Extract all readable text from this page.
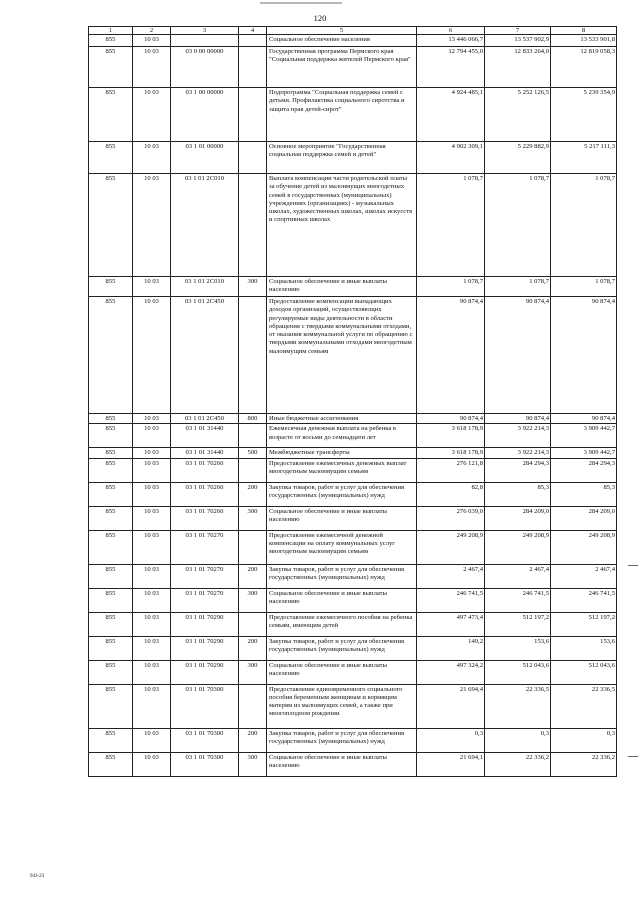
120
1	2	3	4	5	6	7	8
855	10 03			Социальное обеспечение населения	13 446 066,7	13 537 902,9	13 533 901,8
855	10 03	03 0 00 00000		Государственная программа Пермского края "Социальная поддержка жителей Пермского края"	12 794 455,0	12 833 264,0	12 819 058,3
855	10 03	03 1 00 00000		Подпрограмма "Социальная поддержка семей с детьми. Профилактика социального сиротства и защита прав детей-сирот"	4 924 485,1	5 252 126,5	5 239 354,9
855	10 03	03 1 01 00000		Основное мероприятие "Государственная социальная поддержка семей и детей"	4 902 309,1	5 229 882,9	5 217 111,3
855	10 03	03 1 01 2С010		Выплата компенсации части родительской платы за обучение детей из малоимущих многодетных семей в государственных (муниципальных) учреждениях (организациях) - музыкальных школах, художественных школах, школах искусств и спортивных школах	1 078,7	1 078,7	1 078,7
855	10 03	03 1 01 2С010	300	Социальное обеспечение и иные выплаты населению	1 078,7	1 078,7	1 078,7
855	10 03	03 1 01 2С450		Предоставление компенсации выпадающих доходов организаций, осуществляющих регулируемые виды деятельности в области обращения с твердыми коммунальными отходами, от оказания коммунальной услуги по обращению с твердыми коммунальными отходами многодетным малоимущим семьям	90 874,4	90 874,4	90 874,4
855	10 03	03 1 01 2С450	800	Иные бюджетные ассигнования	90 874,4	90 874,4	90 874,4
855	10 03	03 1 01 31440		Ежемесячная денежная выплата на ребенка в возрасте от восьми до семнадцати лет	3 618 178,9	3 922 214,3	3 909 442,7
855	10 03	03 1 01 31440	500	Межбюджетные трансферты	3 618 178,9	3 922 214,3	3 909 442,7
855	10 03	03 1 01 70260		Предоставление ежемесячных денежных выплат многодетным малоимущим семьям	276 121,8	284 294,3	284 294,3
855	10 03	03 1 01 70260	200	Закупка товаров, работ и услуг для обеспечения государственных (муниципальных) нужд	82,8	85,3	85,3
855	10 03	03 1 01 70260	300	Социальное обеспечение и иные выплаты населению	276 039,0	284 209,0	284 209,0
855	10 03	03 1 01 70270		Предоставление ежемесячной денежной компенсации на оплату коммунальных услуг многодетным малоимущим семьям	249 208,9	249 208,9	249 208,9
855	10 03	03 1 01 70270	200	Закупка товаров, работ и услуг для обеспечения государственных (муниципальных) нужд	2 467,4	2 467,4	2 467,4
855	10 03	03 1 01 70270	300	Социальное обеспечение и иные выплаты населению	246 741,5	246 741,5	246 741,5
855	10 03	03 1 01 70290		Предоставление ежемесячного пособия на ребенка семьям, имеющим детей	497 473,4	512 197,2	512 197,2
855	10 03	03 1 01 70290	200	Закупка товаров, работ и услуг для обеспечения государственных (муниципальных) нужд	149,2	153,6	153,6
855	10 03	03 1 01 70290	300	Социальное обеспечение и иные выплаты населению	497 324,2	512 043,6	512 043,6
855	10 03	03 1 01 70300		Предоставление единовременного социального пособия беременным женщинам и кормящим матерям из малоимущих семей, а также при многоплодном рождении	21 694,4	22 336,5	22 336,5
855	10 03	03 1 01 70300	200	Закупка товаров, работ и услуг для обеспечения государственных (муниципальных) нужд	0,3	0,3	0,3
855	10 03	03 1 01 70300	300	Социальное обеспечение и иные выплаты населению	21 694,1	22 336,2	22 336,2
943-23
